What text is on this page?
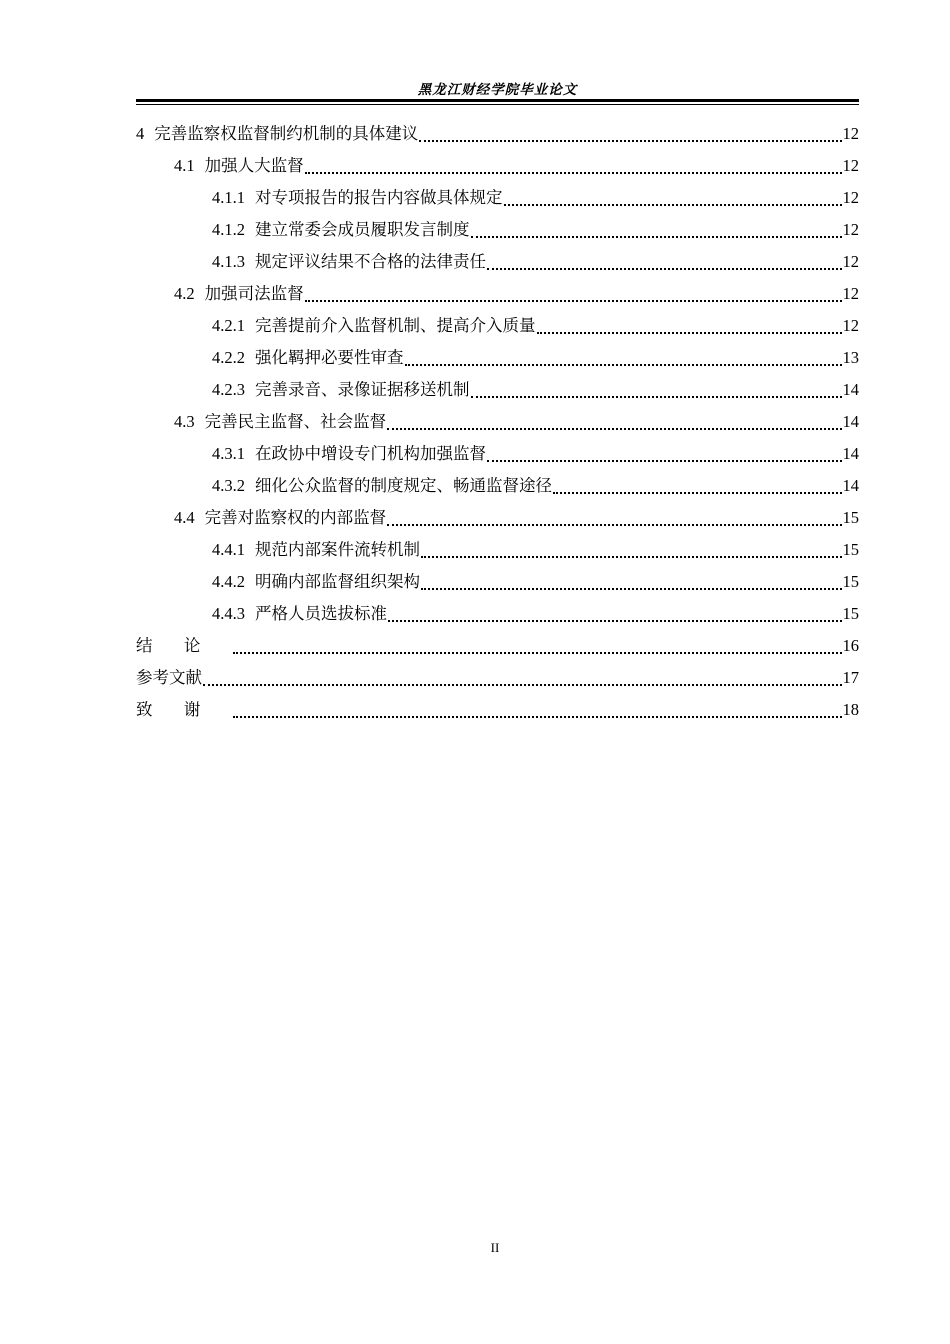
黑龙江财经学院毕业论文
4 完善监察权监督制约机制的具体建议	12
4.1 加强人大监督	12
4.1.1 对专项报告的报告内容做具体规定	12
4.1.2 建立常委会成员履职发言制度	12
4.1.3 规定评议结果不合格的法律责任	12
4.2 加强司法监督	12
4.2.1 完善提前介入监督机制、提高介入质量	12
4.2.2 强化羁押必要性审查	13
4.2.3 完善录音、录像证据移送机制	14
4.3 完善民主监督、社会监督	14
4.3.1 在政协中增设专门机构加强监督	14
4.3.2 细化公众监督的制度规定、畅通监督途径	14
4.4 完善对监察权的内部监督	15
4.4.1 规范内部案件流转机制	15
4.4.2 明确内部监督组织架构	15
4.4.3 严格人员选拔标准	15
结论	16
参考文献	17
致谢	18
II
